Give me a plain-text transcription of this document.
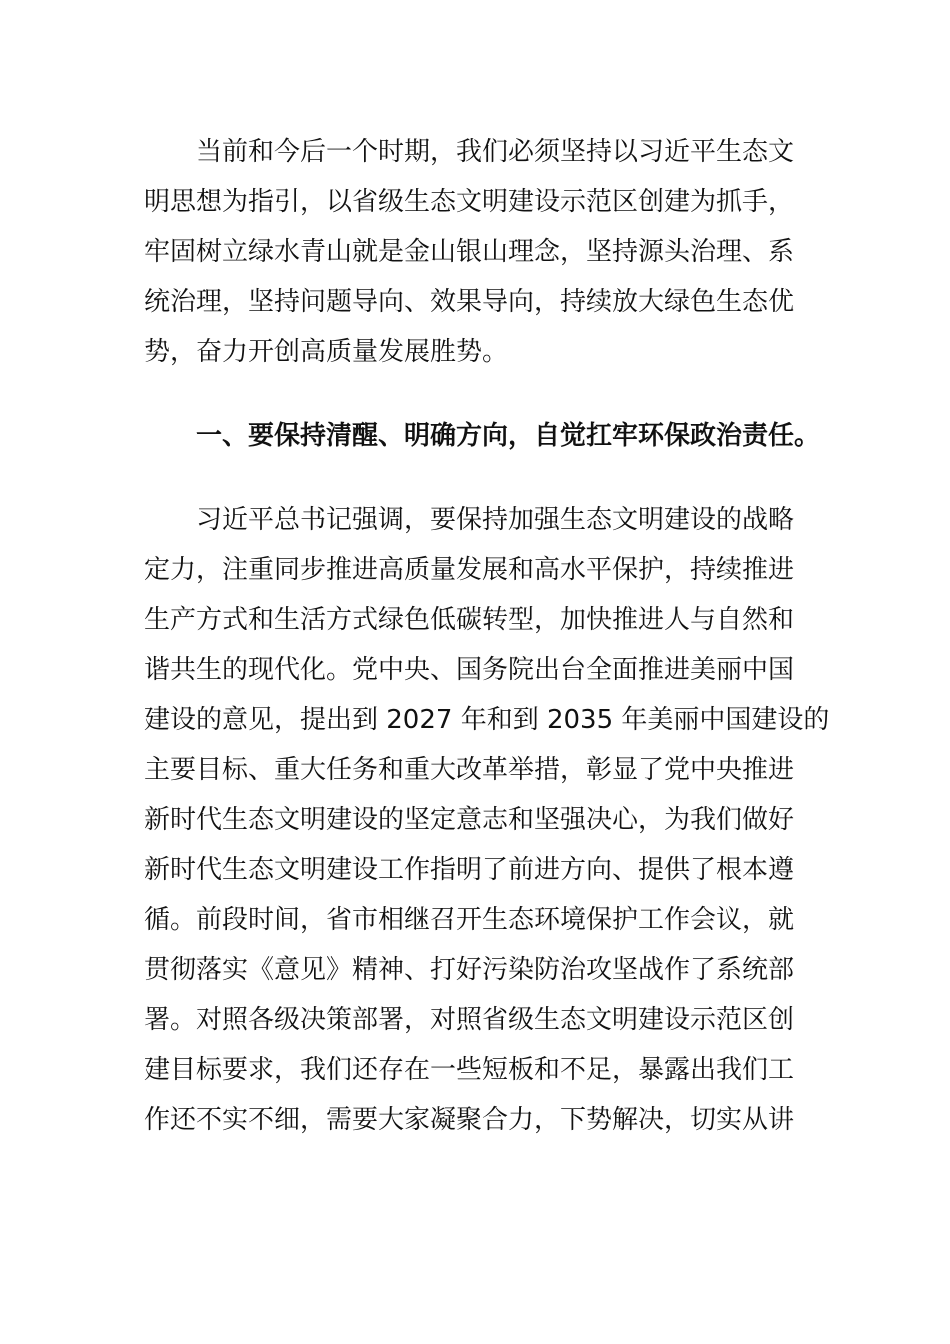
当前和今后一个时期，我们必须坚持以习近平生态文
明思想为指引，以省级生态文明建设示范区创建为抓手，
牢固树立绿水青山就是金山银山理念，坚持源头治理、系
统治理，坚持问题导向、效果导向，持续放大绿色生态优
势，奋力开创高质量发展胜势。
一、要保持清醒、明确方向，自觉扛牢环保政治责任。
习近平总书记强调，要保持加强生态文明建设的战略
定力，注重同步推进高质量发展和高水平保护，持续推进
生产方式和生活方式绿色低碳转型，加快推进人与自然和
谐共生的现代化。党中央、国务院出台全面推进美丽中国
建设的意见，提出到 2027 年和到 2035 年美丽中国建设的
主要目标、重大任务和重大改革举措，彰显了党中央推进
新时代生态文明建设的坚定意志和坚强决心，为我们做好
新时代生态文明建设工作指明了前进方向、提供了根本遵
循。前段时间，省市相继召开生态环境保护工作会议，就
贯彻落实《意见》精神、打好污染防治攻坚战作了系统部
署。对照各级决策部署，对照省级生态文明建设示范区创
建目标要求，我们还存在一些短板和不足，暴露出我们工
作还不实不细，需要大家凝聚合力，下势解决，切实从讲
